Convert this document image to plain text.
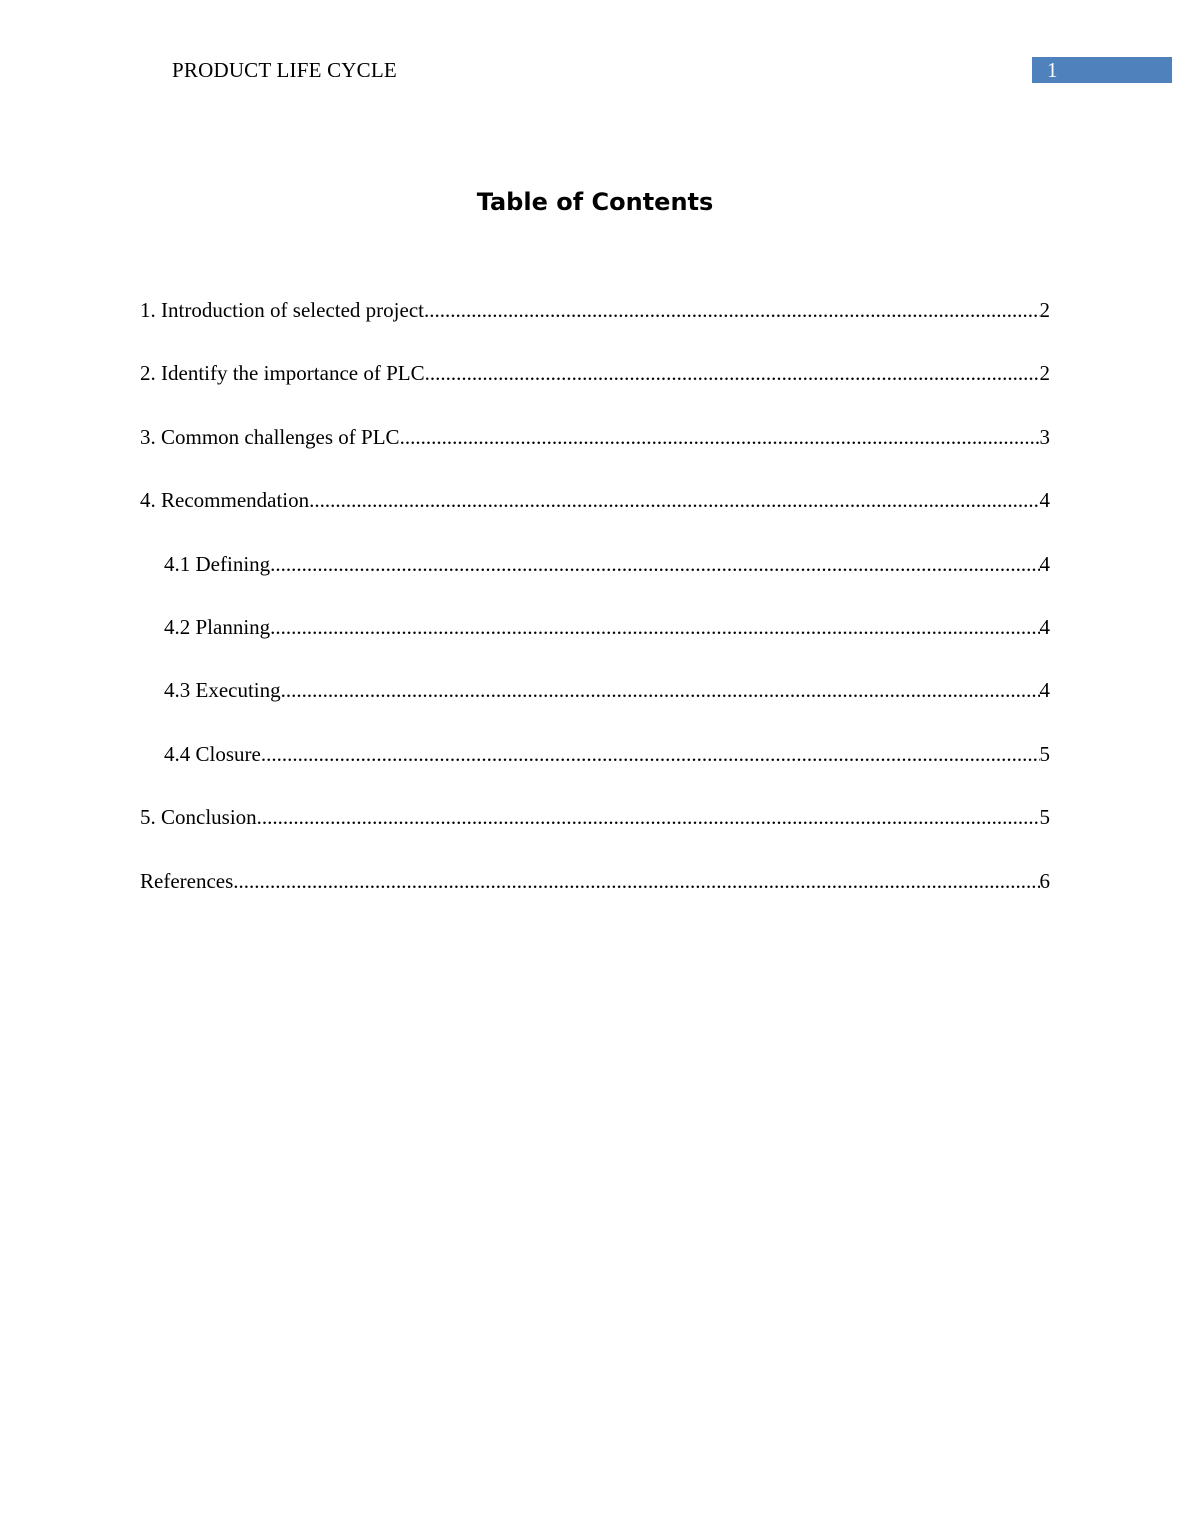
PRODUCT LIFE CYCLE	1
Table of Contents
1. Introduction of selected project .....	2
2. Identify the importance of PLC .....	2
3. Common challenges of PLC .....	3
4. Recommendation .....	4
4.1 Defining .....	4
4.2 Planning .....	4
4.3 Executing .....	4
4.4 Closure .....	5
5. Conclusion .....	5
References .....	6
